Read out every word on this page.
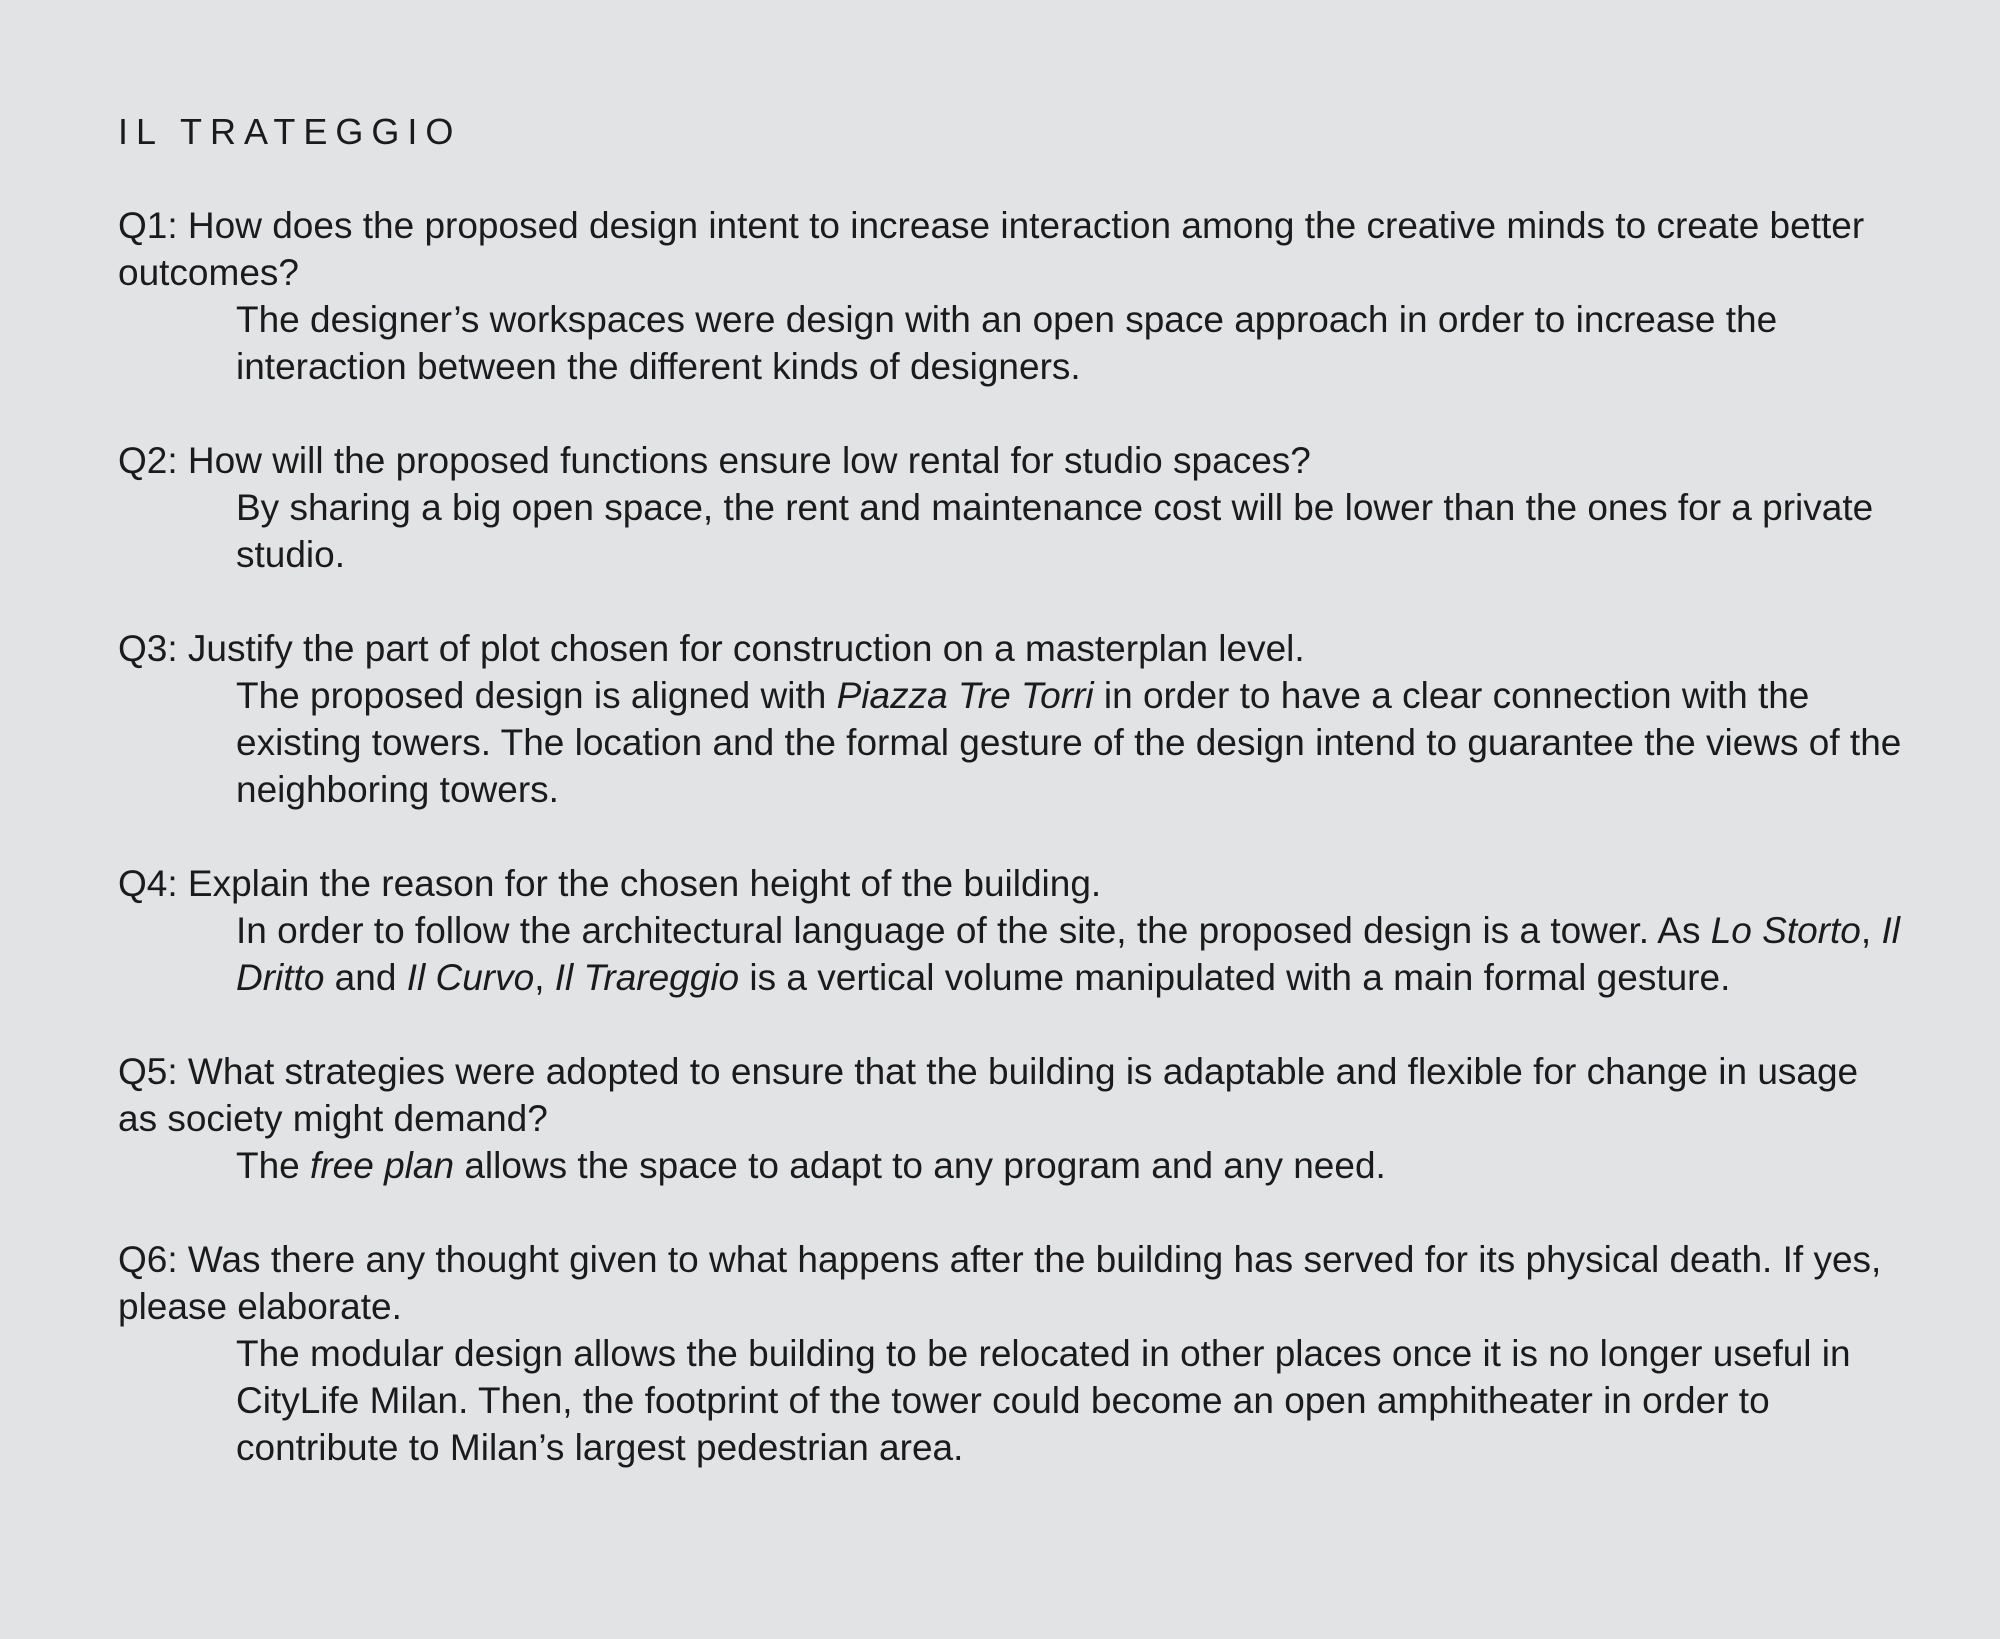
IL TRATEGGIO

Q1: How does the proposed design intent to increase interaction among the creative minds to create better outcomes?

The designer’s workspaces were design with an open space approach in order to increase the interaction between the different kinds of designers.

Q2: How will the proposed functions ensure low rental for studio spaces?

By sharing a big open space, the rent and maintenance cost will be lower than the ones for a private studio.

Q3: Justify the part of plot chosen for construction on a masterplan level.

The proposed design is aligned with Piazza Tre Torri in order to have a clear connection with the existing towers. The location and the formal gesture of the design intend to guarantee the views of the neighboring towers.

Q4: Explain the reason for the chosen height of the building.

In order to follow the architectural language of the site, the proposed design is a tower. As Lo Storto, Il Dritto and Il Curvo, Il Trareggio is a vertical volume manipulated with a main formal gesture.

Q5: What strategies were adopted to ensure that the building is adaptable and flexible for change in usage as society might demand?

The free plan allows the space to adapt to any program and any need.

Q6: Was there any thought given to what happens after the building has served for its physical death. If yes, please elaborate.

The modular design allows the building to be relocated in other places once it is no longer useful in CityLife Milan. Then, the footprint of the tower could become an open amphitheater in order to contribute to Milan’s largest pedestrian area.
